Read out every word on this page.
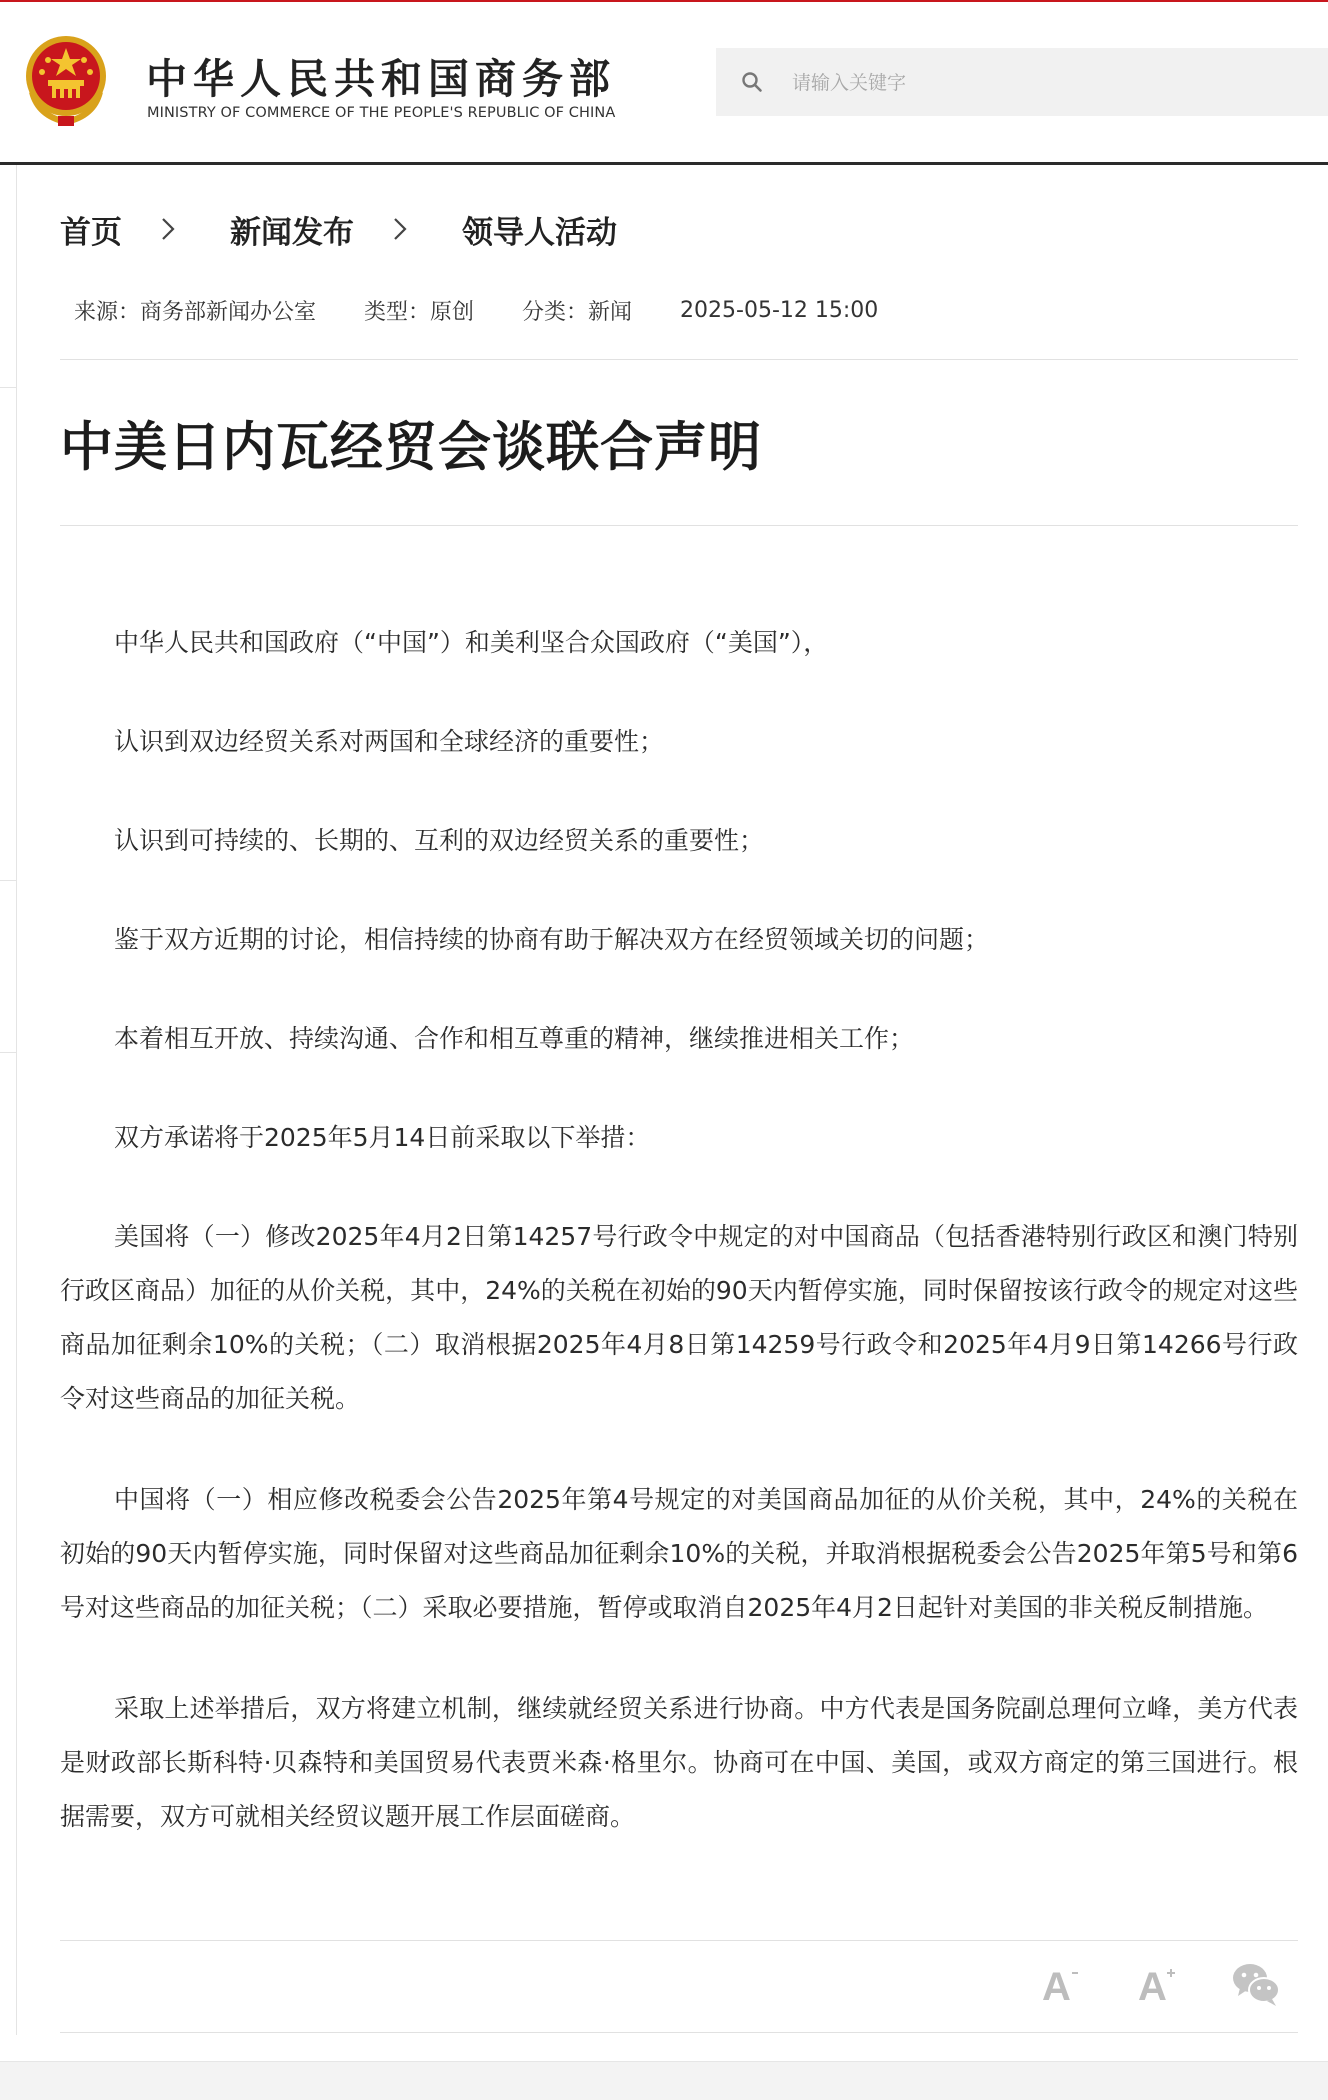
中华人民共和国商务部
MINISTRY OF COMMERCE OF THE PEOPLE'S REPUBLIC OF CHINA
请输入关键字
首页	新闻发布	领导人活动
来源：商务部新闻办公室 类型：原创 分类：新闻 2025-05-12 15:00
中美日内瓦经贸会谈联合声明

中华人民共和国政府（“中国”）和美利坚合众国政府（“美国”），

认识到双边经贸关系对两国和全球经济的重要性；

认识到可持续的、长期的、互利的双边经贸关系的重要性；

鉴于双方近期的讨论，相信持续的协商有助于解决双方在经贸领域关切的问题；

本着相互开放、持续沟通、合作和相互尊重的精神，继续推进相关工作；

双方承诺将于2025年5月14日前采取以下举措：

美国将（一）修改2025年4月2日第14257号行政令中规定的对中国商品（包括香港特别行政区和澳门特别行政区商品）加征的从价关税，其中，24%的关税在初始的90天内暂停实施，同时保留按该行政令的规定对这些商品加征剩余10%的关税；（二）取消根据2025年4月8日第14259号行政令和2025年4月9日第14266号行政令对这些商品的加征关税。

中国将（一）相应修改税委会公告2025年第4号规定的对美国商品加征的从价关税，其中，24%的关税在初始的90天内暂停实施，同时保留对这些商品加征剩余10%的关税，并取消根据税委会公告2025年第5号和第6号对这些商品的加征关税；（二）采取必要措施，暂停或取消自2025年4月2日起针对美国的非关税反制措施。

采取上述举措后，双方将建立机制，继续就经贸关系进行协商。中方代表是国务院副总理何立峰，美方代表是财政部长斯科特·贝森特和美国贸易代表贾米森·格里尔。协商可在中国、美国，或双方商定的第三国进行。根据需要，双方可就相关经贸议题开展工作层面磋商。

A A
